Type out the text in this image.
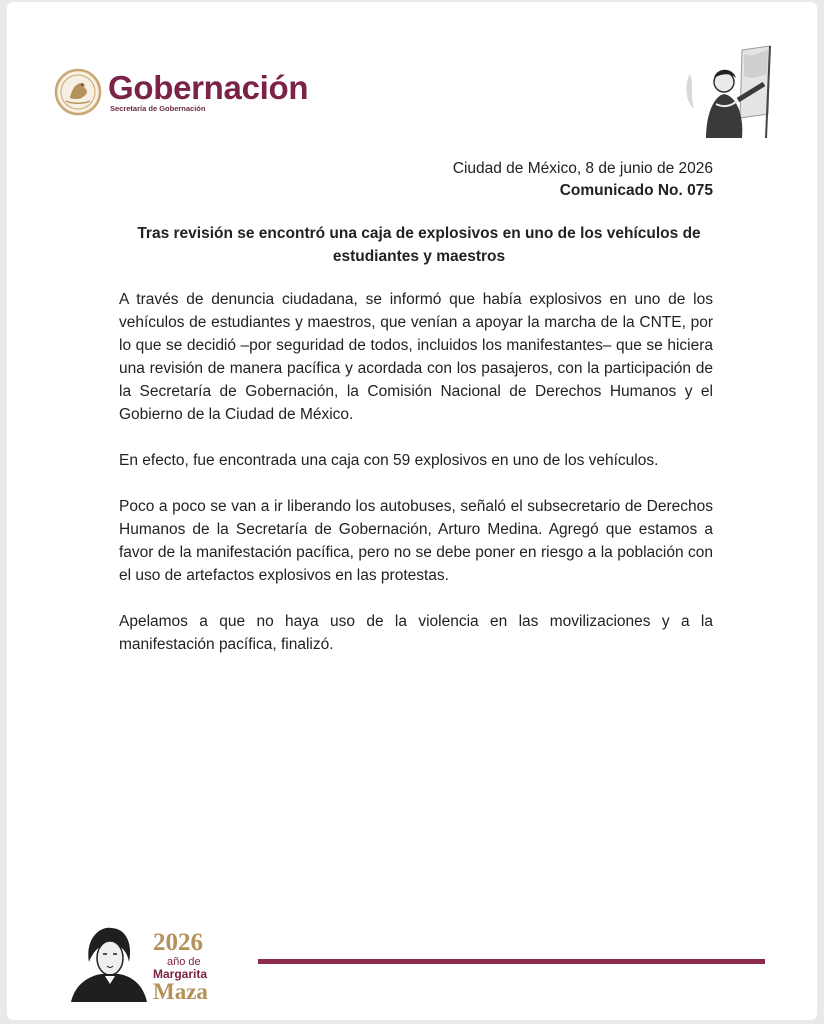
Gobernación
Secretaría de Gobernación
Ciudad de México, 8 de junio de 2026
Comunicado No. 075
Tras revisión se encontró una caja de explosivos en uno de los vehículos de estudiantes y maestros

A través de denuncia ciudadana, se informó que había explosivos en uno de los vehículos de estudiantes y maestros, que venían a apoyar la marcha de la CNTE, por lo que se decidió –por seguridad de todos, incluidos los manifestantes– que se hiciera una revisión de manera pacífica y acordada con los pasajeros, con la participación de la Secretaría de Gobernación, la Comisión Nacional de Derechos Humanos y el Gobierno de la Ciudad de México.

En efecto, fue encontrada una caja con 59 explosivos en uno de los vehículos.

Poco a poco se van a ir liberando los autobuses, señaló el subsecretario de Derechos Humanos de la Secretaría de Gobernación, Arturo Medina. Agregó que estamos a favor de la manifestación pacífica, pero no se debe poner en riesgo a la población con el uso de artefactos explosivos en las protestas.

Apelamos a que no haya uso de la violencia en las movilizaciones y a la manifestación pacífica, finalizó.

2026
año de
Margarita
Maza
